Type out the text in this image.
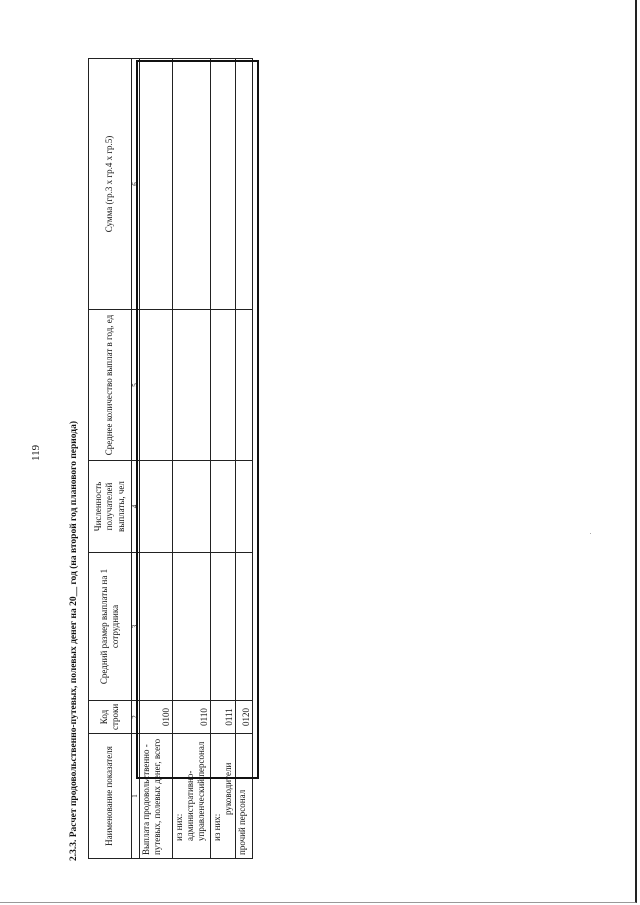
119	2.3.3. Расчет продовольственно-путевых, полевых денег на 20__ год (на второй год планового периода)	Наименование показателя	Код строки	Средний размер выплаты на 1 сотрудника	Численность получателей выплаты, чел	Среднее количество выплат в год, ед	Сумма (гр.3 х гр.4 х гр.5)
1	2	3	4	5	6
Выплата продовольственно - путевых, полевых денег, всего	0100				

из них: административно-управленческий персонал	0110				

из них:
руководители	0111				
прочий персонал	0120				
